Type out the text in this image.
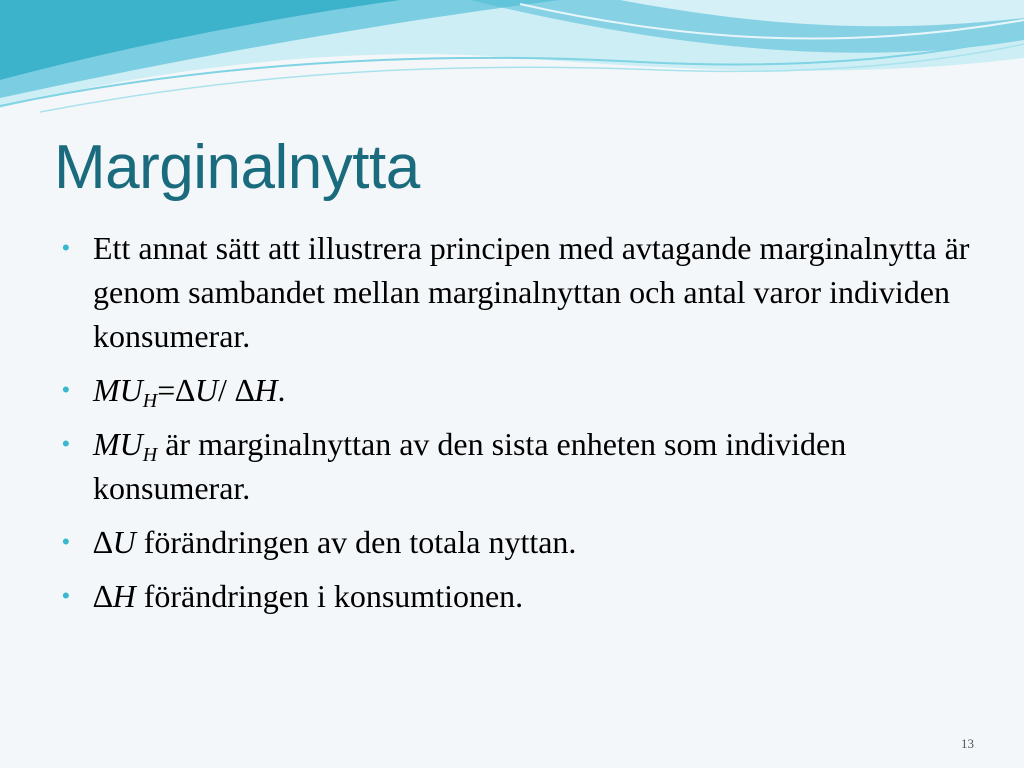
Marginalnytta
• Ett annat sätt att illustrera principen med avtagande marginalnytta är genom sambandet mellan marginalnyttan och antal varor individen konsumerar.
• $MU_H=\Delta U/$ ∆H.
• $MU_H$ är marginalnyttan av den sista enheten som individen konsumerar.
• ∆U förändringen av den totala nyttan.
• ∆H förändringen i konsumtionen.
13
